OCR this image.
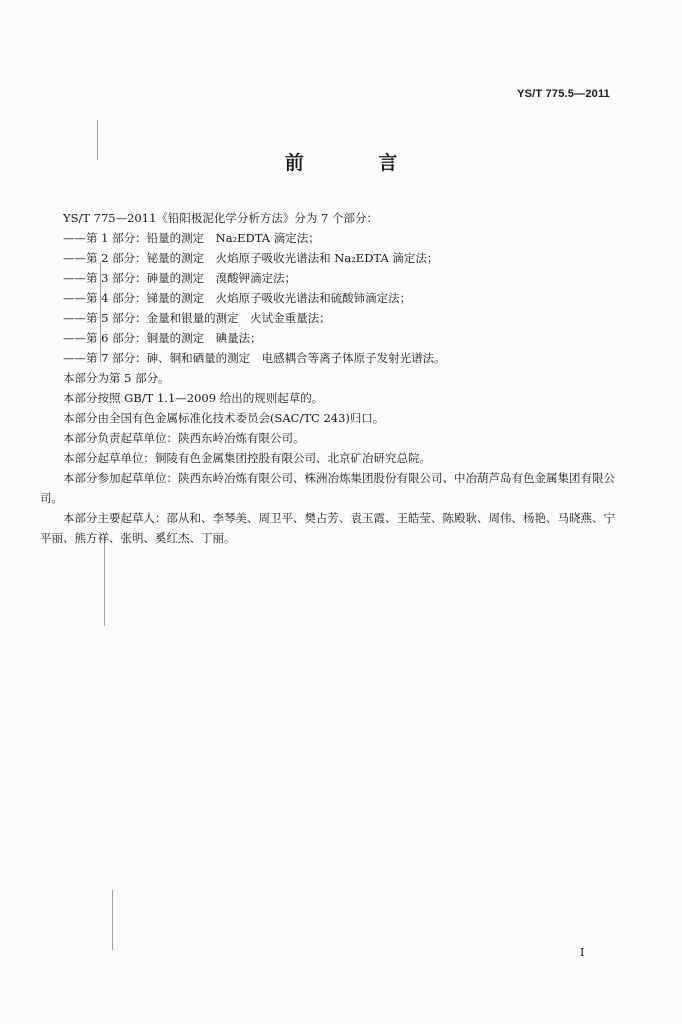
YS/T 775.5—2011
前 言
YS/T 775—2011《铅阳极泥化学分析方法》分为 7 个部分：
——第 1 部分：铅量的测定　Na₂EDTA 滴定法；
——第 2 部分：铋量的测定　火焰原子吸收光谱法和 Na₂EDTA 滴定法；
——第 3 部分：砷量的测定　溴酸钾滴定法；
——第 4 部分：锑量的测定　火焰原子吸收光谱法和硫酸铈滴定法；
——第 5 部分：金量和银量的测定　火试金重量法；
——第 6 部分：铜量的测定　碘量法；
——第 7 部分：砷、铜和硒量的测定　电感耦合等离子体原子发射光谱法。
本部分为第 5 部分。
本部分按照 GB/T 1.1—2009 给出的规则起草的。
本部分由全国有色金属标准化技术委员会(SAC/TC 243)归口。
本部分负责起草单位：陕西东岭冶炼有限公司。
本部分起草单位：铜陵有色金属集团控股有限公司、北京矿冶研究总院。
本部分参加起草单位：陕西东岭冶炼有限公司、株洲冶炼集团股份有限公司、中冶葫芦岛有色金属集团有限公司。
本部分主要起草人：邵从和、李琴美、周卫平、樊占芳、袁玉霞、王皓莹、陈殿耿、周伟、杨艳、马晓燕、宁平丽、熊方祥、张明、奚红杰、丁丽。
I
